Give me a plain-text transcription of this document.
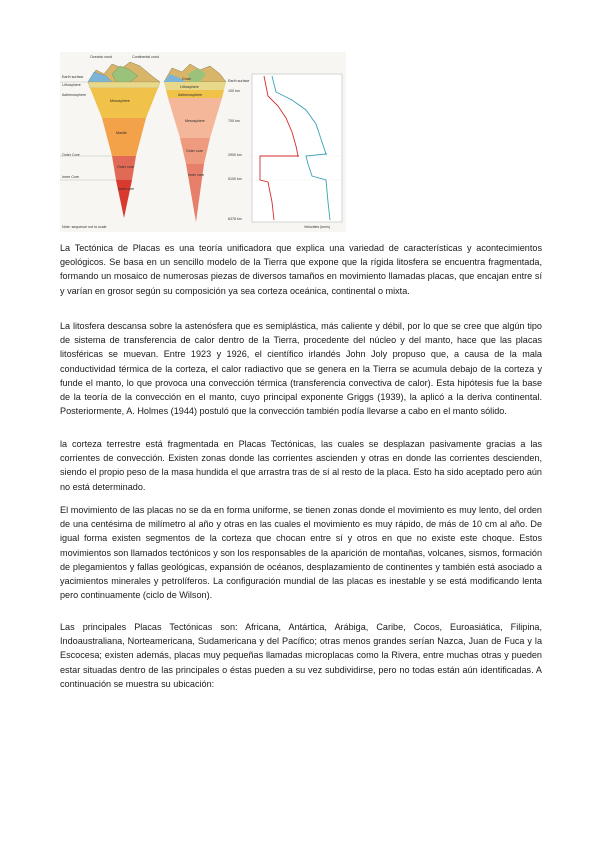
Oceanic crust	Continental crust
Mesosphere
Mantle
Outer core
Inner core
Earth surface
Lithosphere
Asthenosphere
Outer Core
Inner Core
Crust
Lithosphere
Asthenosphere
Mesosphere
Outer core
Inner core
Earth surface
100 km
700 km
2900 km
5100 km
6378 km
Note: sequence not to scale	Velocities (km/s)

La Tectónica de Placas es una teoría unificadora que explica una variedad de características y acontecimientos geológicos. Se basa en un sencillo modelo de la Tierra que expone que la rígida litosfera se encuentra fragmentada, formando un mosaico de numerosas piezas de diversos tamaños en movimiento llamadas placas, que encajan entre sí y varían en grosor según su composición ya sea corteza oceánica, continental o mixta.

La litosfera descansa sobre la astenósfera que es semiplástica, más caliente y débil, por lo que se cree que algún tipo de sistema de transferencia de calor dentro de la Tierra, procedente del núcleo y del manto, hace que las placas litosféricas se muevan. Entre 1923 y 1926, el científico irlandés John Joly propuso que, a causa de la mala conductividad térmica de la corteza, el calor radiactivo que se genera en la Tierra se acumula debajo de la corteza y funde el manto, lo que provoca una convección térmica (transferencia convectiva de calor). Esta hipótesis fue la base de la teoría de la convección en el manto, cuyo principal exponente Griggs (1939), la aplicó a la deriva continental. Posteriormente, A. Holmes (1944) postuló que la convección también podía llevarse a cabo en el manto sólido.

la corteza terrestre está fragmentada en Placas Tectónicas, las cuales se desplazan pasivamente gracias a las corrientes de convección. Existen zonas donde las corrientes ascienden y otras en donde las corrientes descienden, siendo el propio peso de la masa hundida el que arrastra tras de sí al resto de la placa. Esto ha sido aceptado pero aún no está determinado.

El movimiento de las placas no se da en forma uniforme, se tienen zonas donde el movimiento es muy lento, del orden de una centésima de milímetro al año y otras en las cuales el movimiento es muy rápido, de más de 10 cm al año. De igual forma existen segmentos de la corteza que chocan entre sí y otros en que no existe este choque. Estos movimientos son llamados tectónicos y son los responsables de la aparición de montañas, volcanes, sismos, formación de plegamientos y fallas geológicas, expansión de océanos, desplazamiento de continentes y también está asociado a yacimientos minerales y petrolíferos. La configuración mundial de las placas es inestable y se está modificando lenta pero continuamente (ciclo de Wilson).

Las principales Placas Tectónicas son: Africana, Antártica, Arábiga, Caribe, Cocos, Euroasiática, Filipina, Indoaustraliana, Norteamericana, Sudamericana y del Pacífico; otras menos grandes serían Nazca, Juan de Fuca y la Escocesa; existen además, placas muy pequeñas llamadas microplacas como la Rivera, entre muchas otras y pueden estar situadas dentro de las principales o éstas pueden a su vez subdividirse, pero no todas están aún identificadas. A continuación se muestra su ubicación:
